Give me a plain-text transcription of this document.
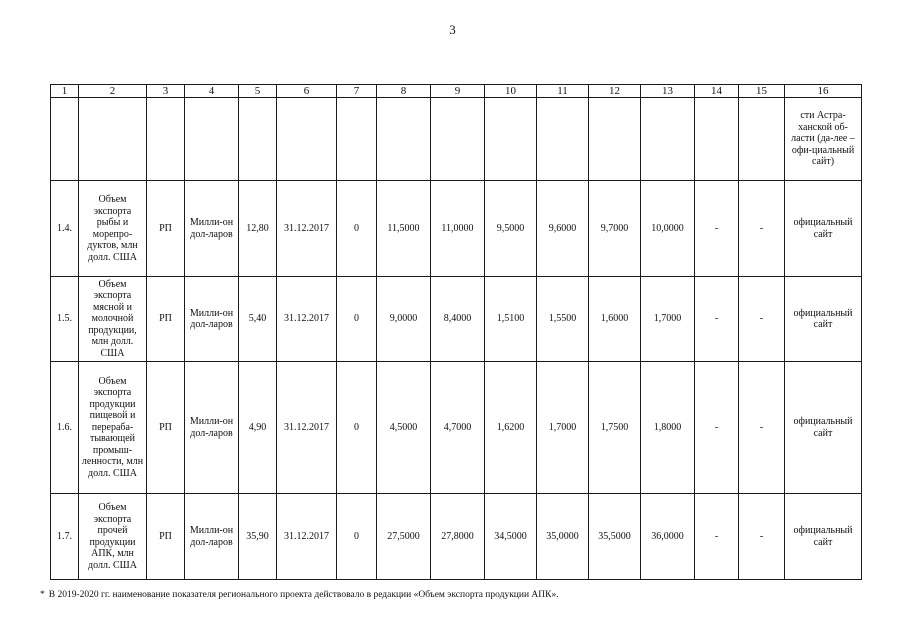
3
1	2	3	4	5	6	7	8	9	10	11	12	13	14	15	16
															сти Астра-ханской об-ласти (да-лее – офи-циальный сайт)
1.4.	Объем экспорта рыбы и морепро-дуктов, млн долл. США	РП	Милли-он дол-ларов	12,80	31.12.2017	0	11,5000	11,0000	9,5000	9,6000	9,7000	10,0000	-	-	официальный сайт
1.5.	Объем экспорта мясной и молочной продукции, млн долл. США	РП	Милли-он дол-ларов	5,40	31.12.2017	0	9,0000	8,4000	1,5100	1,5500	1,6000	1,7000	-	-	официальный сайт
1.6.	Объем экспорта продукции пищевой и перераба-тывающей промыш-ленности, млн долл. США	РП	Милли-он дол-ларов	4,90	31.12.2017	0	4,5000	4,7000	1,6200	1,7000	1,7500	1,8000	-	-	официальный сайт
1.7.	Объем экспорта прочей продукции АПК, млн долл. США	РП	Милли-он дол-ларов	35,90	31.12.2017	0	27,5000	27,8000	34,5000	35,0000	35,5000	36,0000	-	-	официальный сайт
* В 2019-2020 гг. наименование показателя регионального проекта действовало в редакции «Объем экспорта продукции АПК».
